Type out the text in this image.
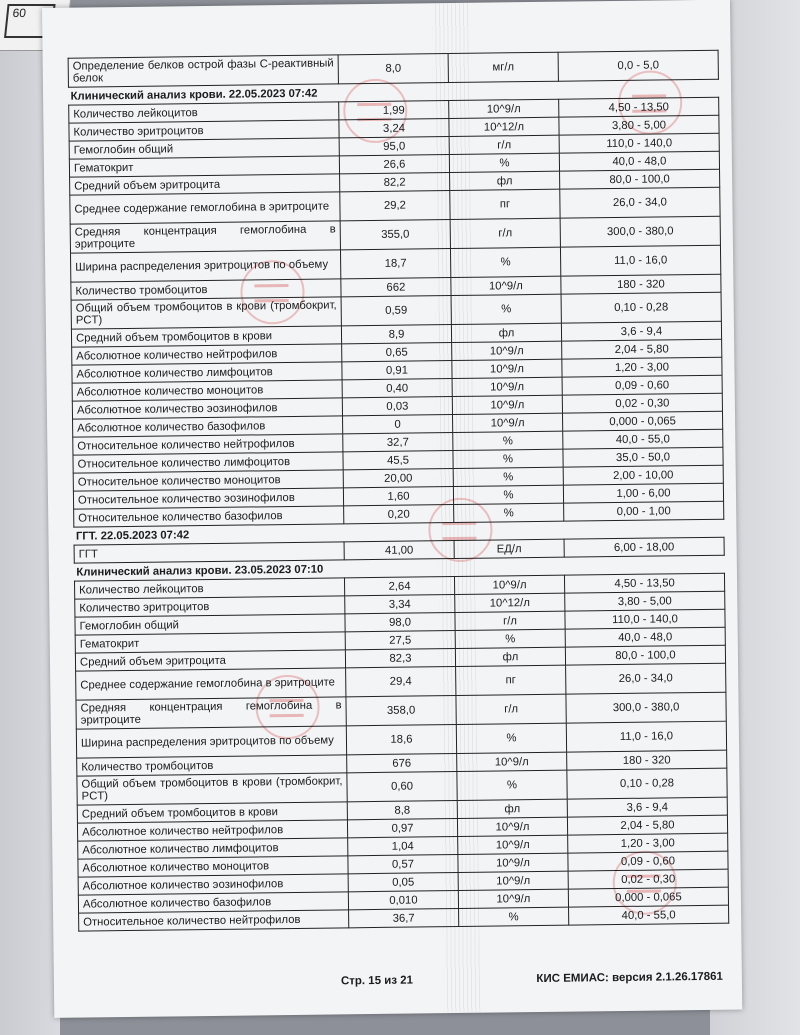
60
Определение белков острой фазы С-реактивный белок	8,0	мг/л	0,0 - 5,0
Клинический анализ крови. 22.05.2023 07:42			
Количество лейкоцитов	1,99	10^9/л	4,50 - 13,50
Количество эритроцитов	3,24	10^12/л	3,80 - 5,00
Гемоглобин общий	95,0	г/л	110,0 - 140,0
Гематокрит	26,6	%	40,0 - 48,0
Средний объем эритроцита	82,2	фл	80,0 - 100,0
Среднее содержание гемоглобина в эритроците	29,2	пг	26,0 - 34,0
Средняя концентрация гемоглобина в эритроците	355,0	г/л	300,0 - 380,0
Ширина распределения эритроцитов по объему	18,7	%	11,0 - 16,0
Количество тромбоцитов	662	10^9/л	180 - 320
Общий объем тромбоцитов в крови (тромбокрит, PCT)	0,59	%	0,10 - 0,28
Средний объем тромбоцитов в крови	8,9	фл	3,6 - 9,4
Абсолютное количество нейтрофилов	0,65	10^9/л	2,04 - 5,80
Абсолютное количество лимфоцитов	0,91	10^9/л	1,20 - 3,00
Абсолютное количество моноцитов	0,40	10^9/л	0,09 - 0,60
Абсолютное количество эозинофилов	0,03	10^9/л	0,02 - 0,30
Абсолютное количество базофилов	0	10^9/л	0,000 - 0,065
Относительное количество нейтрофилов	32,7	%	40,0 - 55,0
Относительное количество лимфоцитов	45,5	%	35,0 - 50,0
Относительное количество моноцитов	20,00	%	2,00 - 10,00
Относительное количество эозинофилов	1,60	%	1,00 - 6,00
Относительное количество базофилов	0,20	%	0,00 - 1,00
ГГТ. 22.05.2023 07:42			
ГГТ	41,00	ЕД/л	6,00 - 18,00
Клинический анализ крови. 23.05.2023 07:10			
Количество лейкоцитов	2,64	10^9/л	4,50 - 13,50
Количество эритроцитов	3,34	10^12/л	3,80 - 5,00
Гемоглобин общий	98,0	г/л	110,0 - 140,0
Гематокрит	27,5	%	40,0 - 48,0
Средний объем эритроцита	82,3	фл	80,0 - 100,0
Среднее содержание гемоглобина в эритроците	29,4	пг	26,0 - 34,0
Средняя концентрация гемоглобина в эритроците	358,0	г/л	300,0 - 380,0
Ширина распределения эритроцитов по объему	18,6	%	11,0 - 16,0
Количество тромбоцитов	676	10^9/л	180 - 320
Общий объем тромбоцитов в крови (тромбокрит, PCT)	0,60	%	0,10 - 0,28
Средний объем тромбоцитов в крови	8,8	фл	3,6 - 9,4
Абсолютное количество нейтрофилов	0,97	10^9/л	2,04 - 5,80
Абсолютное количество лимфоцитов	1,04	10^9/л	1,20 - 3,00
Абсолютное количество моноцитов	0,57	10^9/л	0,09 - 0,60
Абсолютное количество эозинофилов	0,05	10^9/л	0,02 - 0,30
Абсолютное количество базофилов	0,010	10^9/л	0,000 - 0,065
Относительное количество нейтрофилов	36,7	%	40,0 - 55,0
Стр. 15 из 21	КИС ЕМИАС: версия 2.1.26.17861
